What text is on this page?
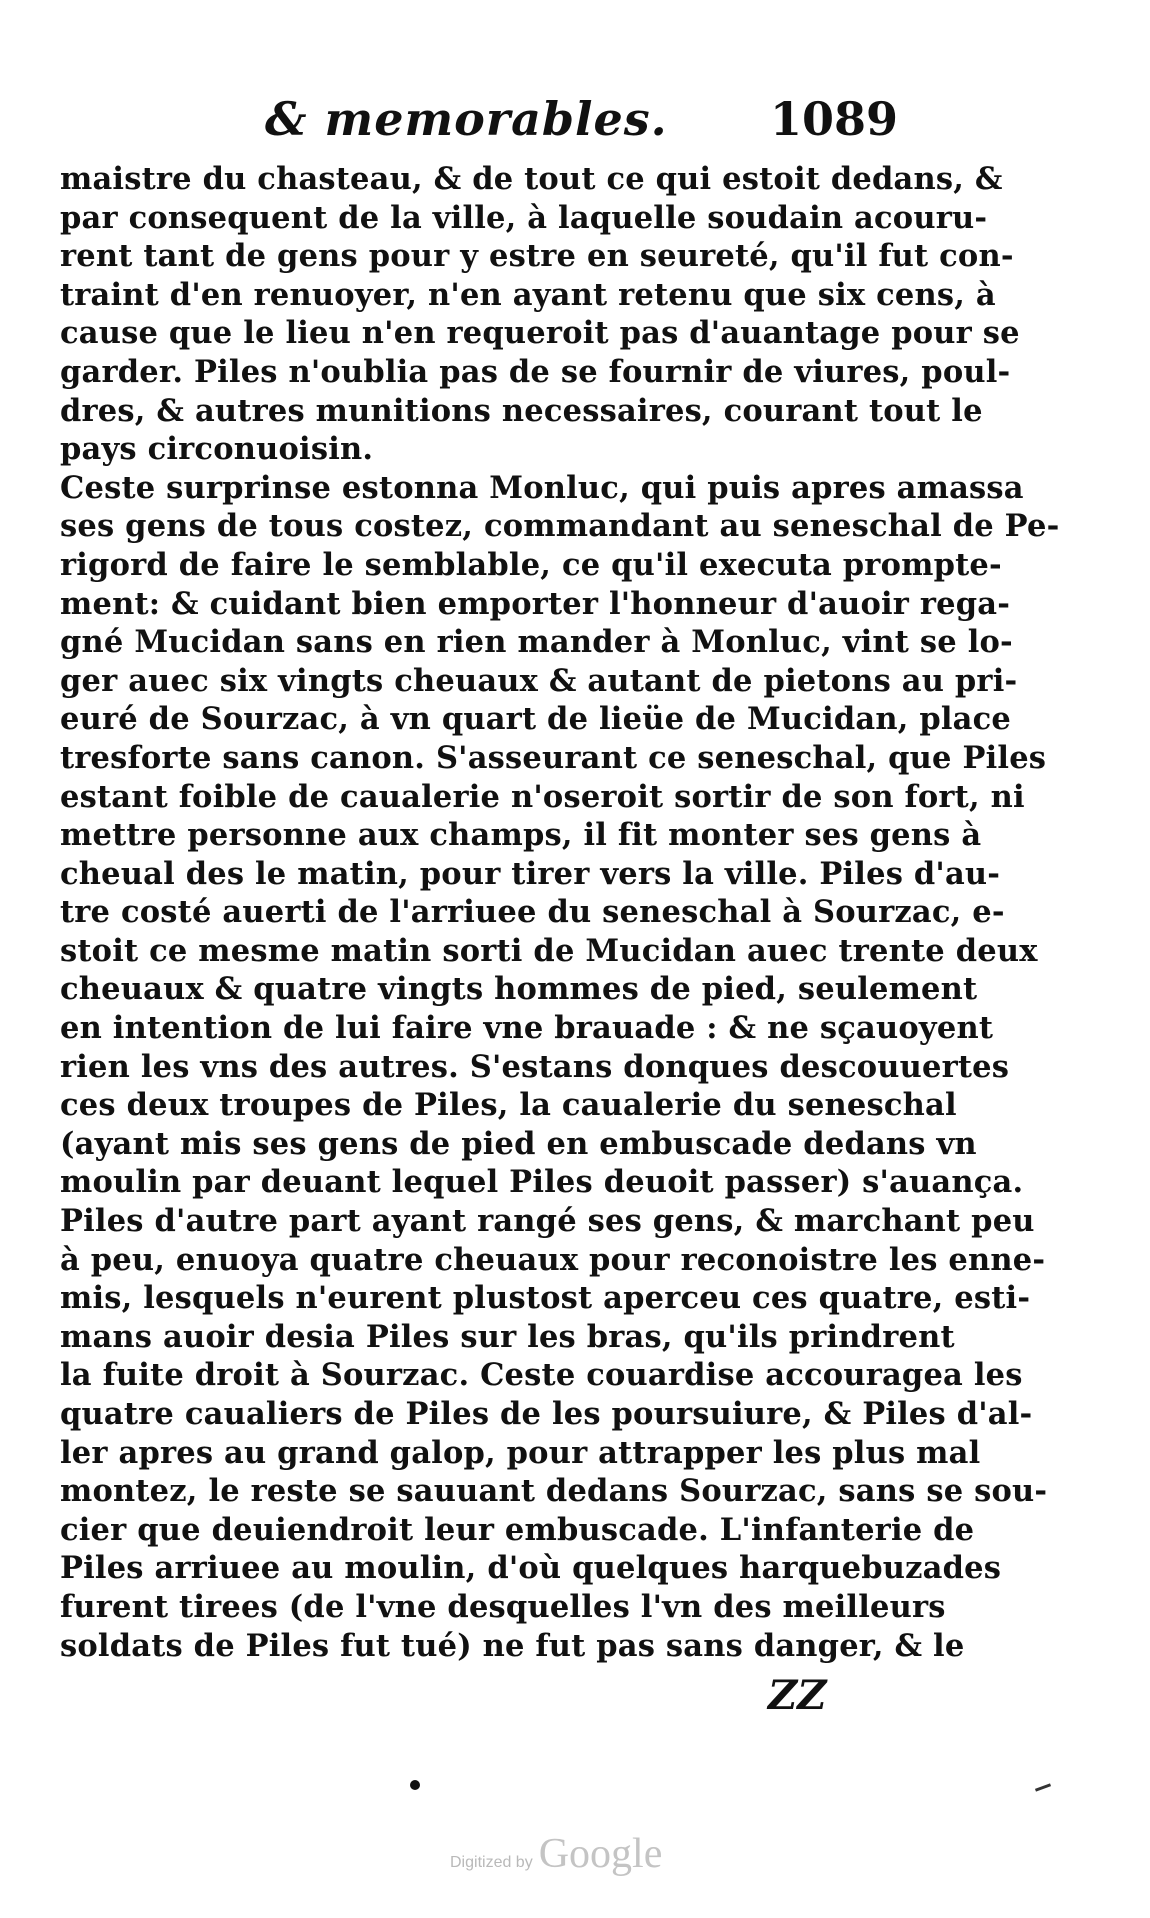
& memorables. 1089
maistre du chasteau, & de tout ce qui estoit dedans, &
par consequent de la ville, à laquelle soudain acouru-
rent tant de gens pour y estre en seureté, qu'il fut con-
traint d'en renuoyer, n'en ayant retenu que six cens, à
cause que le lieu n'en requeroit pas d'auantage pour se
garder. Piles n'oublia pas de se fournir de viures, poul-
dres, & autres munitions necessaires, courant tout le
pays circonuoisin.
Ceste surprinse estonna Monluc, qui puis apres amassa
ses gens de tous costez, commandant au seneschal de Pe-
rigord de faire le semblable, ce qu'il executa prompte-
ment: & cuidant bien emporter l'honneur d'auoir rega-
gné Mucidan sans en rien mander à Monluc, vint se lo-
ger auec six vingts cheuaux & autant de pietons au pri-
euré de Sourzac, à vn quart de lieüe de Mucidan, place
tresforte sans canon. S'asseurant ce seneschal, que Piles
estant foible de caualerie n'oseroit sortir de son fort, ni
mettre personne aux champs, il fit monter ses gens à
cheual des le matin, pour tirer vers la ville. Piles d'au-
tre costé auerti de l'arriuee du seneschal à Sourzac, e-
stoit ce mesme matin sorti de Mucidan auec trente deux
cheuaux & quatre vingts hommes de pied, seulement
en intention de lui faire vne brauade : & ne sçauoyent
rien les vns des autres. S'estans donques descouuertes
ces deux troupes de Piles, la caualerie du seneschal
(ayant mis ses gens de pied en embuscade dedans vn
moulin par deuant lequel Piles deuoit passer) s'auança.
Piles d'autre part ayant rangé ses gens, & marchant peu
à peu, enuoya quatre cheuaux pour reconoistre les enne-
mis, lesquels n'eurent plustost aperceu ces quatre, esti-
mans auoir desia Piles sur les bras, qu'ils prindrent
la fuite droit à Sourzac. Ceste couardise accouragea les
quatre caualiers de Piles de les poursuiure, & Piles d'al-
ler apres au grand galop, pour attrapper les plus mal
montez, le reste se sauuant dedans Sourzac, sans se sou-
cier que deuiendroit leur embuscade. L'infanterie de
Piles arriuee au moulin, d'où quelques harquebuzades
furent tirees (de l'vne desquelles l'vn des meilleurs
soldats de Piles fut tué) ne fut pas sans danger, & le
ZZ
Digitized by Google
